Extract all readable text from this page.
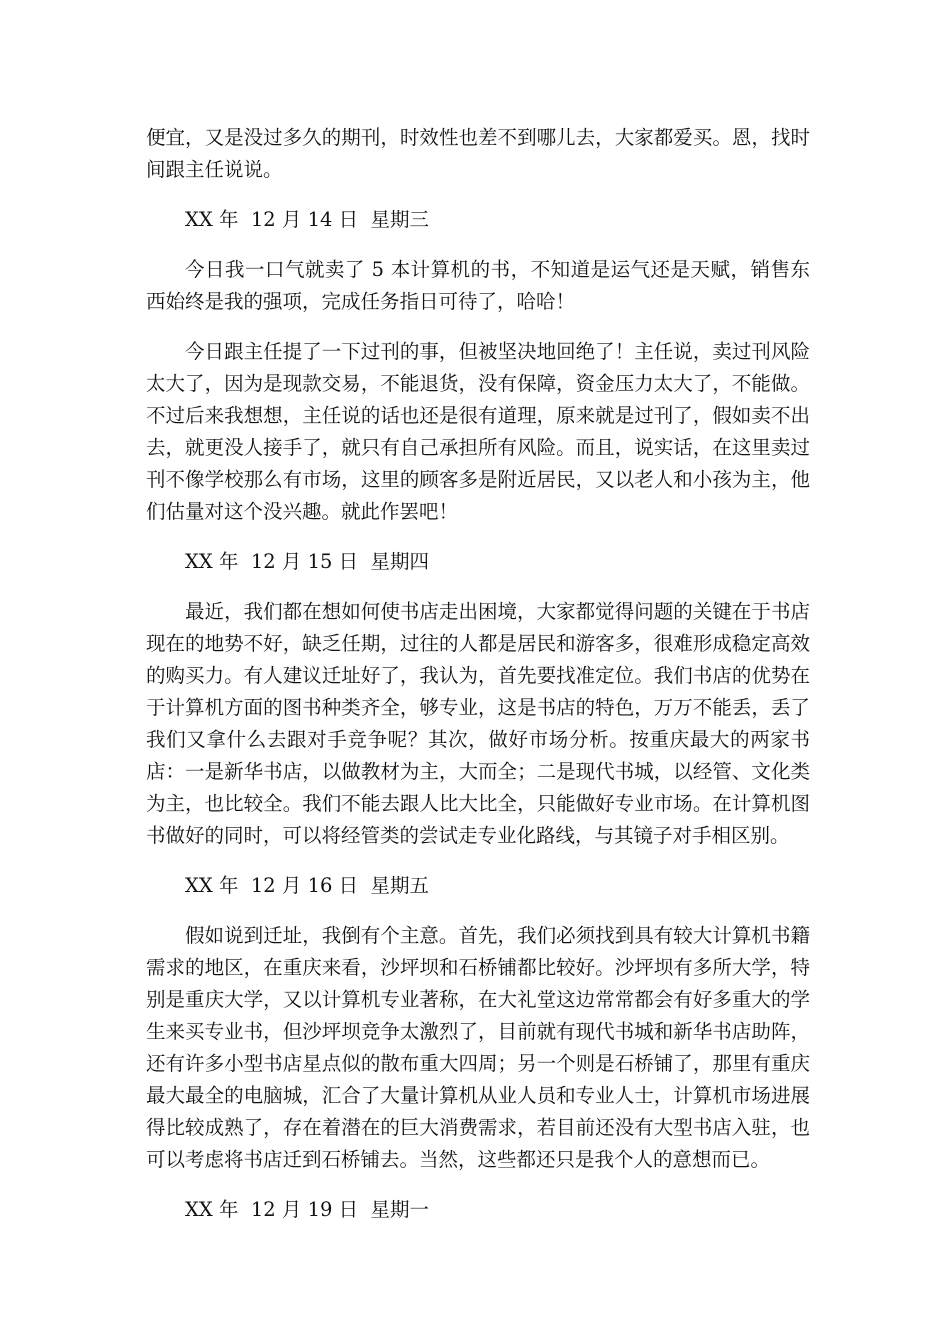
便宜，又是没过多久的期刊，时效性也差不到哪儿去，大家都爱买。恩，找时间跟主任说说。

XX 年  12 月 14 日  星期三

今日我一口气就卖了 5 本计算机的书，不知道是运气还是天赋，销售东西始终是我的强项，完成任务指日可待了，哈哈！

今日跟主任提了一下过刊的事，但被坚决地回绝了！主任说，卖过刊风险太大了，因为是现款交易，不能退货，没有保障，资金压力太大了，不能做。不过后来我想想，主任说的话也还是很有道理，原来就是过刊了，假如卖不出去，就更没人接手了，就只有自己承担所有风险。而且，说实话，在这里卖过刊不像学校那么有市场，这里的顾客多是附近居民，又以老人和小孩为主，他们估量对这个没兴趣。就此作罢吧！

XX 年  12 月 15 日  星期四

最近，我们都在想如何使书店走出困境，大家都觉得问题的关键在于书店现在的地势不好，缺乏任期，过往的人都是居民和游客多，很难形成稳定高效的购买力。有人建议迁址好了，我认为，首先要找准定位。我们书店的优势在于计算机方面的图书种类齐全，够专业，这是书店的特色，万万不能丢，丢了我们又拿什么去跟对手竞争呢？其次，做好市场分析。按重庆最大的两家书店：一是新华书店，以做教材为主，大而全；二是现代书城，以经管、文化类为主，也比较全。我们不能去跟人比大比全，只能做好专业市场。在计算机图书做好的同时，可以将经管类的尝试走专业化路线，与其镜子对手相区别。

XX 年  12 月 16 日  星期五

假如说到迁址，我倒有个主意。首先，我们必须找到具有较大计算机书籍需求的地区，在重庆来看，沙坪坝和石桥铺都比较好。沙坪坝有多所大学，特别是重庆大学，又以计算机专业著称，在大礼堂这边常常都会有好多重大的学生来买专业书，但沙坪坝竞争太激烈了，目前就有现代书城和新华书店助阵，还有许多小型书店星点似的散布重大四周；另一个则是石桥铺了，那里有重庆最大最全的电脑城，汇合了大量计算机从业人员和专业人士，计算机市场进展得比较成熟了，存在着潜在的巨大消费需求，若目前还没有大型书店入驻，也可以考虑将书店迁到石桥铺去。当然，这些都还只是我个人的意想而已。

XX 年  12 月 19 日  星期一
